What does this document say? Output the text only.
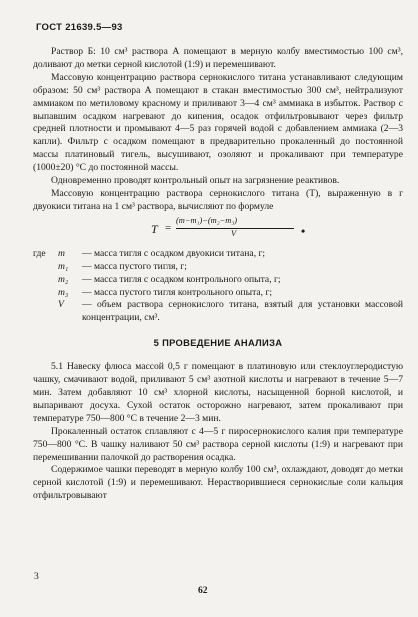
ГОСТ 21639.5—93

Раствор Б: 10 см³ раствора А помещают в мерную колбу вместимостью 100 см³, доливают до метки серной кислотой (1:9) и перемешивают.

Массовую концентрацию раствора сернокислого титана устанавливают следующим образом: 50 см³ раствора А помещают в стакан вместимостью 300 см³, нейтрализуют аммиаком по метиловому красному и приливают 3—4 см³ аммиака в избыток. Раствор с выпавшим осадком нагревают до кипения, осадок отфильтровывают через фильтр средней плотности и промывают 4—5 раз горячей водой с добавлением аммиака (2—3 капли). Фильтр с осадком помещают в предварительно прокаленный до постоянной массы платиновый тигель, высушивают, озоляют и прокаливают при температуре (1000±20) °С до постоянной массы.

Одновременно проводят контрольный опыт на загрязнение реактивов.

Массовую концентрацию раствора сернокислого титана (T), выраженную в г двуокиси титана на 1 см³ раствора, вычисляют по формуле

T =
(m−m₁)−(m₂−m₃)
V	•
где	m	— масса тигля с осадком двуокиси титана, г;
m₁	— масса пустого тигля, г;
m₂	— масса тигля с осадком контрольного опыта, г;
m₃	— масса пустого тигля контрольного опыта, г;
V	— объем раствора сернокислого титана, взятый для установки массовой концентрации, см³.
5 ПРОВЕДЕНИЕ АНАЛИЗА

5.1 Навеску флюса массой 0,5 г помещают в платиновую или стеклоуглеродистую чашку, смачивают водой, приливают 5 см³ азотной кислоты и нагревают в течение 5—7 мин. Затем добавляют 10 см³ хлорной кислоты, насыщенной борной кислотой, и выпаривают досуха. Сухой остаток осторожно нагревают, затем прокаливают при температуре 750—800 °С в течение 2—3 мин.

Прокаленный остаток сплавляют с 4—5 г пиросернокислого калия при температуре 750—800 °С. В чашку наливают 50 см³ раствора серной кислоты (1:9) и нагревают при перемешивании палочкой до растворения осадка.

Содержимое чашки переводят в мерную колбу 100 см³, охлаждают, доводят до метки серной кислотой (1:9) и перемешивают. Нерастворившиеся сернокислые соли кальция отфильтровывают

3
62
